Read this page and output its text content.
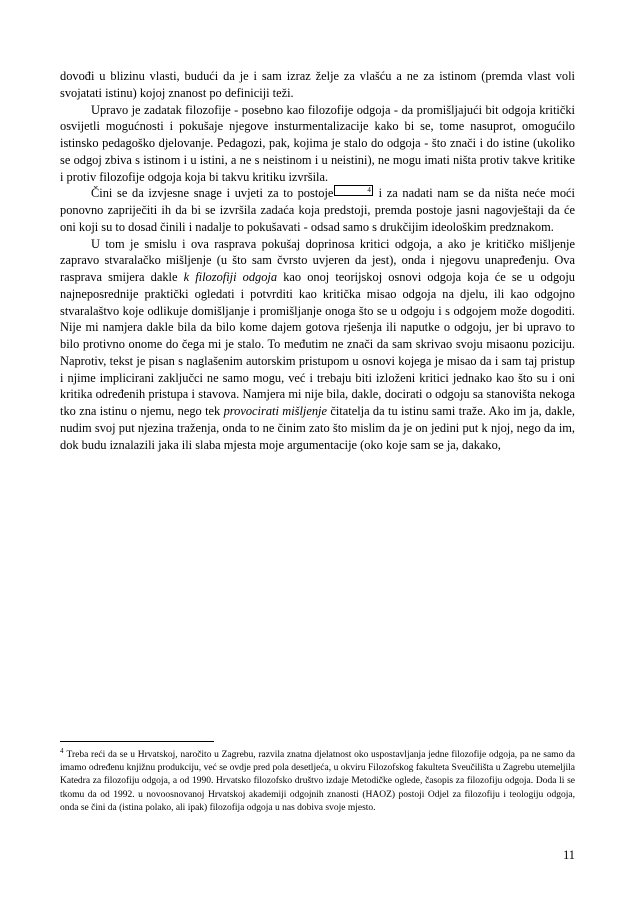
dovođi u blizinu vlasti, budući da je i sam izraz želje za vlašću a ne za istinom (premda vlast voli svojatati istinu) kojoj znanost po definiciji teži.

Upravo je zadatak filozofije - posebno kao filozofije odgoja - da promišljajući bit odgoja kritički osvijetli mogućnosti i pokušaje njegove insturmentalizacije kako bi se, tome nasuprot, omogućilo istinsko pedagoško djelovanje. Pedagozi, pak, kojima je stalo do odgoja - što znači i do istine (ukoliko se odgoj zbiva s istinom i u istini, a ne s neistinom i u neistini), ne mogu imati ništa protiv takve kritike i protiv filozofije odgoja koja bi takvu kritiku izvršila.

Čini se da izvjesne snage i uvjeti za to postoje	4 i za nadati nam se da ništa neće moći ponovno zapriječiti ih da bi se izvršila zadaća koja predstoji, premda postoje jasni nagovještaji da će oni koji su to dosad činili i nadalje to pokušavati - odsad samo s drukčijim ideološkim predznakom.

U tom je smislu i ova rasprava pokušaj doprinosa kritici odgoja, a ako je kritičko mišljenje zapravo stvaralačko mišljenje (u što sam čvrsto uvjeren da jest), onda i njegovu unapređenju. Ova rasprava smijera dakle k filozofiji odgoja kao onoj teorijskoj osnovi odgoja koja će se u odgoju najneposrednije praktički ogledati i potvrditi kao kritička misao odgoja na djelu, ili kao odgojno stvaralaštvo koje odlikuje domišljanje i promišljanje onoga što se u odgoju i s odgojem može dogoditi. Nije mi namjera dakle bila da bilo kome dajem gotova rješenja ili naputke o odgoju, jer bi upravo to bilo protivno onome do čega mi je stalo. To međutim ne znači da sam skrivao svoju misaonu poziciju. Naprotiv, tekst je pisan s naglašenim autorskim pristupom u osnovi kojega je misao da i sam taj pristup i njime implicirani zaključci ne samo mogu, već i trebaju biti izloženi kritici jednako kao što su i oni kritika određenih pristupa i stavova. Namjera mi nije bila, dakle, docirati o odgoju sa stanovišta nekoga tko zna istinu o njemu, nego tek provocirati mišljenje čitatelja da tu istinu sami traže. Ako im ja, dakle, nudim svoj put njezina traženja, onda to ne činim zato što mislim da je on jedini put k njoj, nego da im, dok budu iznalazili jaka ili slaba mjesta moje argumentacije (oko koje sam se ja, dakako,

$^4$ Treba reći da se u Hrvatskoj, naročito u Zagrebu, razvila znatna djelatnost oko uspostavljanja jedne filozofije odgoja, pa ne samo da imamo određenu knjižnu produkciju, već se ovdje pred pola desetljeća, u okviru Filozofskog fakulteta Sveučilišta u Zagrebu utemeljila Katedra za filozofiju odgoja, a od 1990. Hrvatsko filozofsko društvo izdaje Metodičke oglede, časopis za filozofiju odgoja. Doda li se tkomu da od 1992. u novoosnovanoj Hrvatskoj akademiji odgojnih znanosti (HAOZ) postoji Odjel za filozofiju i teologiju odgoja, onda se čini da (istina polako, ali ipak) filozofija odgoja u nas dobiva svoje mjesto.

11
